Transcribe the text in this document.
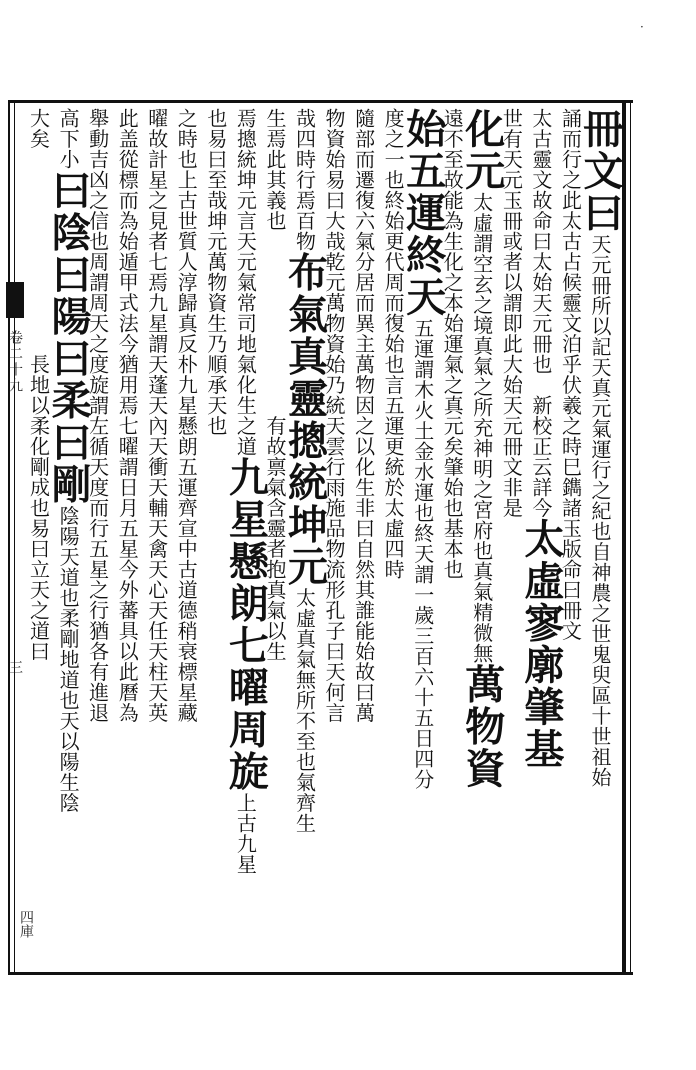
卷二十九
三
四庫
·
冊文曰天元冊所以記天真元氣運行之紀也自神農之世鬼臾區十世祖始
誦而行之此太古占候靈文泊乎伏羲之時巳鐫諸玉版命曰冊文
太古靈文故命曰太始天元冊也　新校正云詳今太虛寥廓肇基
世有天元玉冊或者以謂即此大始天元冊文非是
化元太虛謂空玄之境真氣之所充神明之宮府也真氣精微無萬物資
遠不至故能為生化之本始運氣之真元矣肇始也基本也
始五運終天五運謂木火土金水運也終天謂一歲三百六十五日四分
度之一也終始更代周而復始也言五運更統於太虛四時
隨部而遷復六氣分居而異主萬物因之以化生非曰自然其誰能始故曰萬
物資始易曰大哉乾元萬物資始乃統天雲行雨施品物流形孔子曰天何言
哉四時行焉百物布氣真靈摠統坤元太虛真氣無所不至也氣齊生
生焉此其義也　　　　　　　　　有故禀氣含靈者抱真氣以生
焉摠統坤元言天元氣常司地氣化生之道九星懸朗七曜周旋上古九星
也易曰至哉坤元萬物資生乃順承天也
之時也上古世質人淳歸真反朴九星懸朗五運齊宣中古道德稍衰標星藏
曜故計星之見者七焉九星謂天蓬天內天衝天輔天禽天心天任天柱天英
此盖從標而為始遁甲式法今猶用焉七曜謂日月五星今外蕃具以此曆為
舉動吉凶之信也周謂周天之度旋謂左循天度而行五星之行猶各有進退
高下小曰陰曰陽曰柔曰剛陰陽天道也柔剛地道也天以陽生陰
大矣　　　　　　　　　　長地以柔化剛成也易曰立天之道曰
